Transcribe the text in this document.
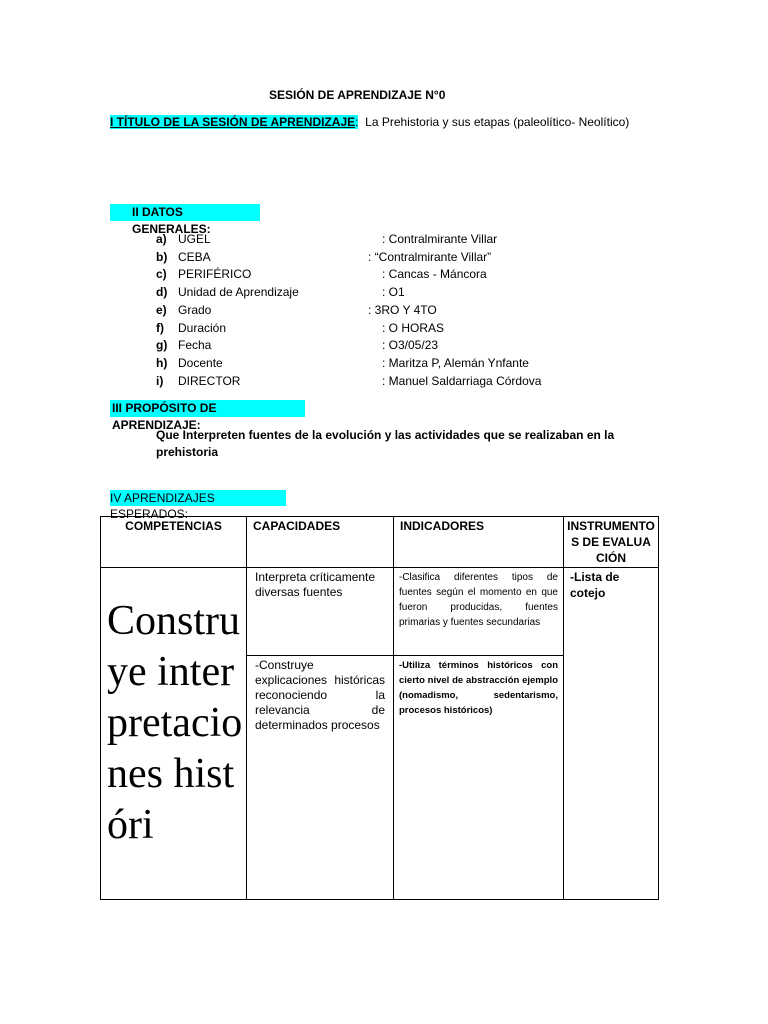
SESIÓN DE APRENDIZAJE N°0
I TÍTULO DE LA SESIÓN DE APRENDIZAJE:  La Prehistoria y sus etapas (paleolítico- Neolítico)
II DATOS GENERALES:
a) UGEL	: Contralmirante Villar
b) CEBA	: “Contralmirante Villar”
c) PERIFÉRICO	: Cancas - Máncora
d) Unidad de Aprendizaje	: O1
e) Grado	: 3RO Y 4TO
f)	Duración	: O HORAS
g) Fecha	: O3/05/23
h) Docente	: Maritza P, Alemán Ynfante
i)	DIRECTOR	: Manuel Saldarriaga Córdova
III PROPÓSITO DE APRENDIZAJE:
Que Interpreten fuentes de la evolución y las actividades que se realizaban en la prehistoria
IV APRENDIZAJES ESPERADOS:
COMPETENCIAS	CAPACIDADES	INDICADORES	INSTRUMENTOS DE EVALUACIÓN

Construye interpretaciones históri	Interpreta críticamente diversas fuentes	-Clasifica diferentes tipos de fuentes según el momento en que fueron producidas, fuentes primarias y fuentes secundarias	-Lista de cotejo
	-Construye explicaciones históricas reconociendo la relevancia de determinados procesos	-Utiliza términos históricos con cierto nivel de abstracción ejemplo (nomadismo, sedentarismo, procesos históricos)	
